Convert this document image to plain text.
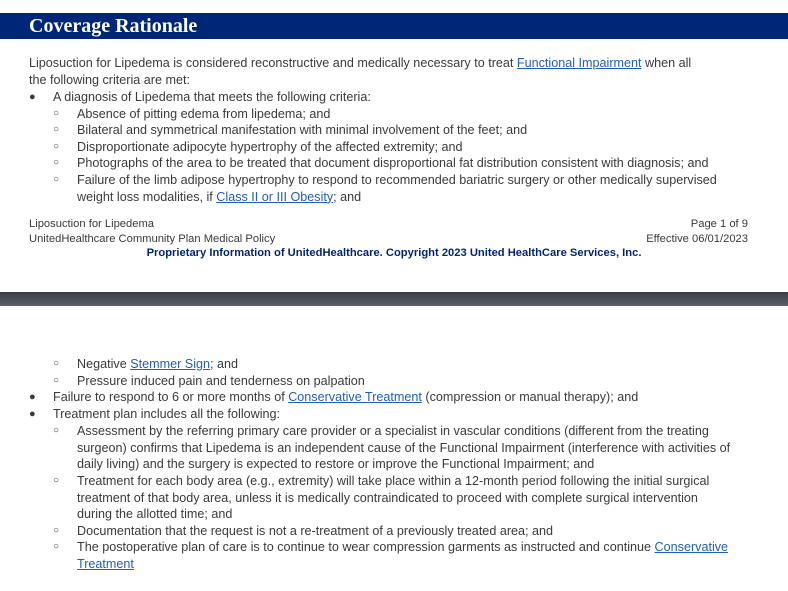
Coverage Rationale
Liposuction for Lipedema is considered reconstructive and medically necessary to treat Functional Impairment when all
the following criteria are met:
● A diagnosis of Lipedema that meets the following criteria:
○ Absence of pitting edema from lipedema; and
○ Bilateral and symmetrical manifestation with minimal involvement of the feet; and
○ Disproportionate adipocyte hypertrophy of the affected extremity; and
○ Photographs of the area to be treated that document disproportional fat distribution consistent with diagnosis; and
○ Failure of the limb adipose hypertrophy to respond to recommended bariatric surgery or other medically supervised
weight loss modalities, if Class II or III Obesity; and
Liposuction for Lipedema
UnitedHealthcare Community Plan Medical Policy
Page 1 of 9
Effective 06/01/2023
Proprietary Information of UnitedHealthcare. Copyright 2023 United HealthCare Services, Inc.
○ Negative Stemmer Sign; and
○ Pressure induced pain and tenderness on palpation
● Failure to respond to 6 or more months of Conservative Treatment (compression or manual therapy); and
● Treatment plan includes all the following:
○ Assessment by the referring primary care provider or a specialist in vascular conditions (different from the treating
surgeon) confirms that Lipedema is an independent cause of the Functional Impairment (interference with activities of
daily living) and the surgery is expected to restore or improve the Functional Impairment; and
○ Treatment for each body area (e.g., extremity) will take place within a 12-month period following the initial surgical
treatment of that body area, unless it is medically contraindicated to proceed with complete surgical intervention
during the allotted time; and
○ Documentation that the request is not a re-treatment of a previously treated area; and
○ The postoperative plan of care is to continue to wear compression garments as instructed and continue Conservative
Treatment
